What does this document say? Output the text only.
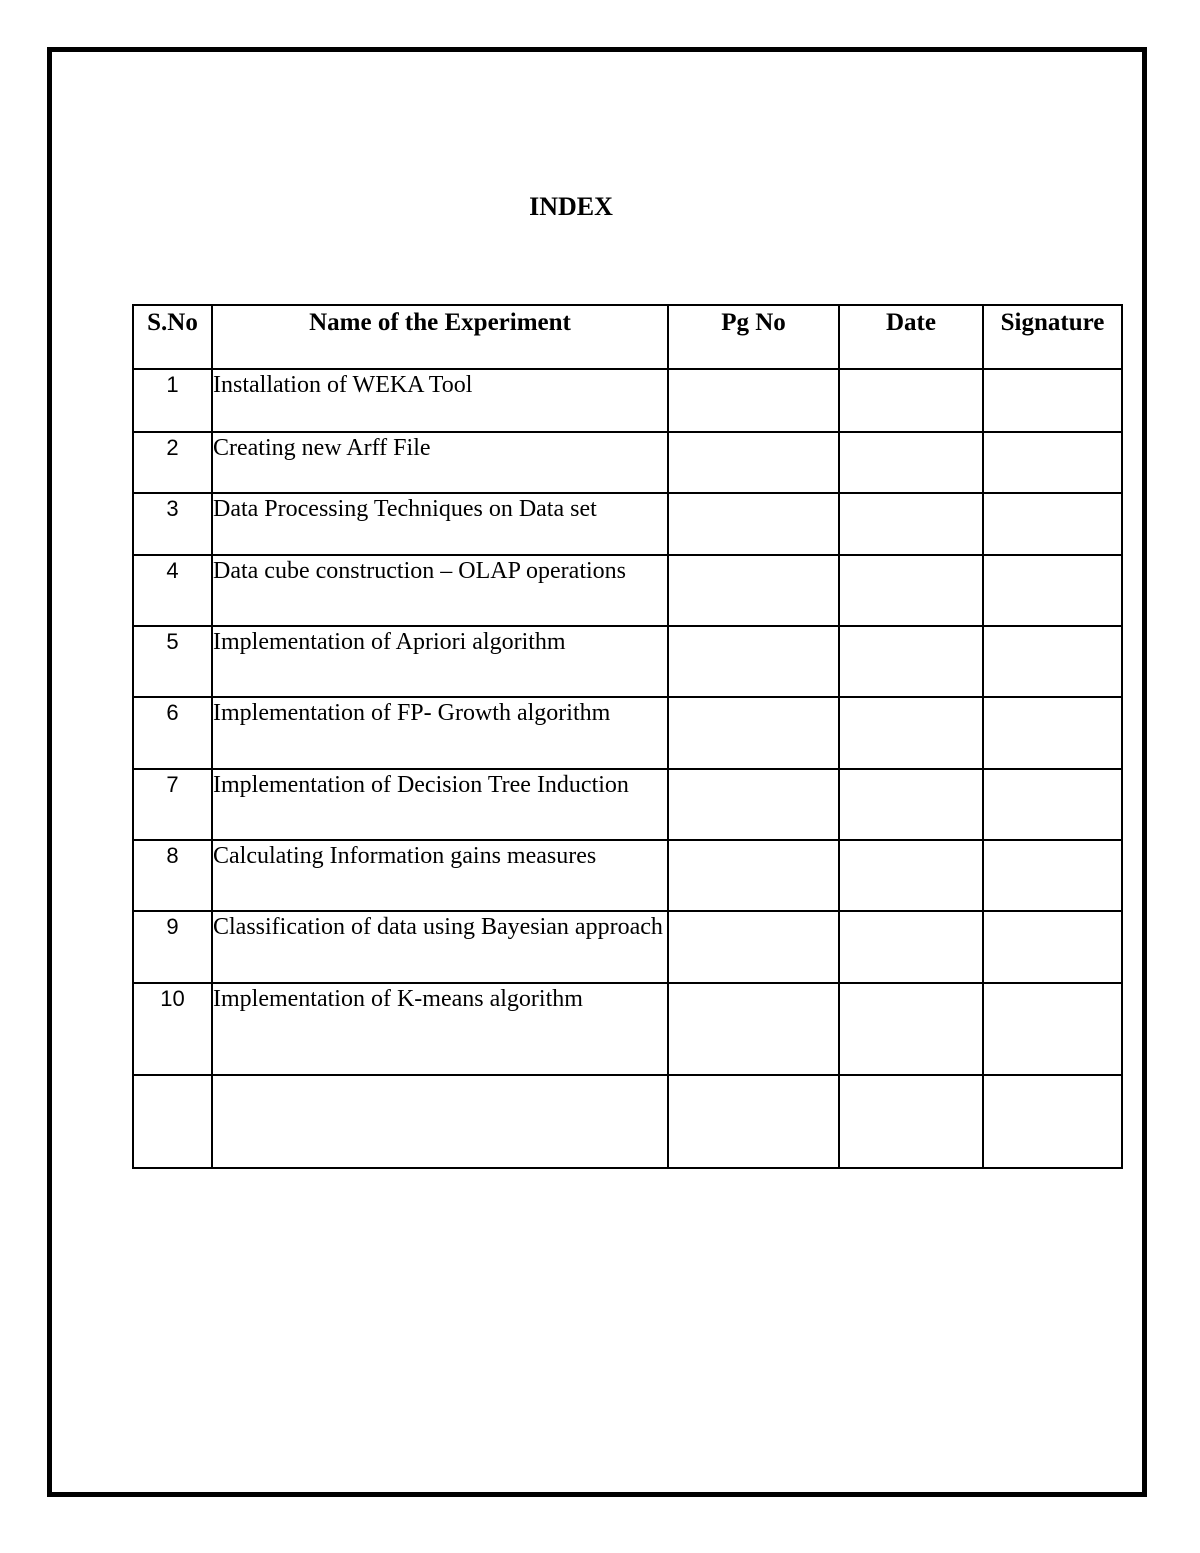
INDEX
S.No	Name of the Experiment	Pg No	Date	Signature
1	Installation of WEKA Tool			
2	Creating new Arff File			
3	Data Processing Techniques on Data set			
4	Data cube construction – OLAP operations			
5	Implementation of Apriori algorithm			
6	Implementation of FP- Growth algorithm			
7	Implementation of Decision Tree Induction			
8	Calculating Information gains measures			
9	Classification of data using Bayesian approach			
10	Implementation of K-means algorithm			
